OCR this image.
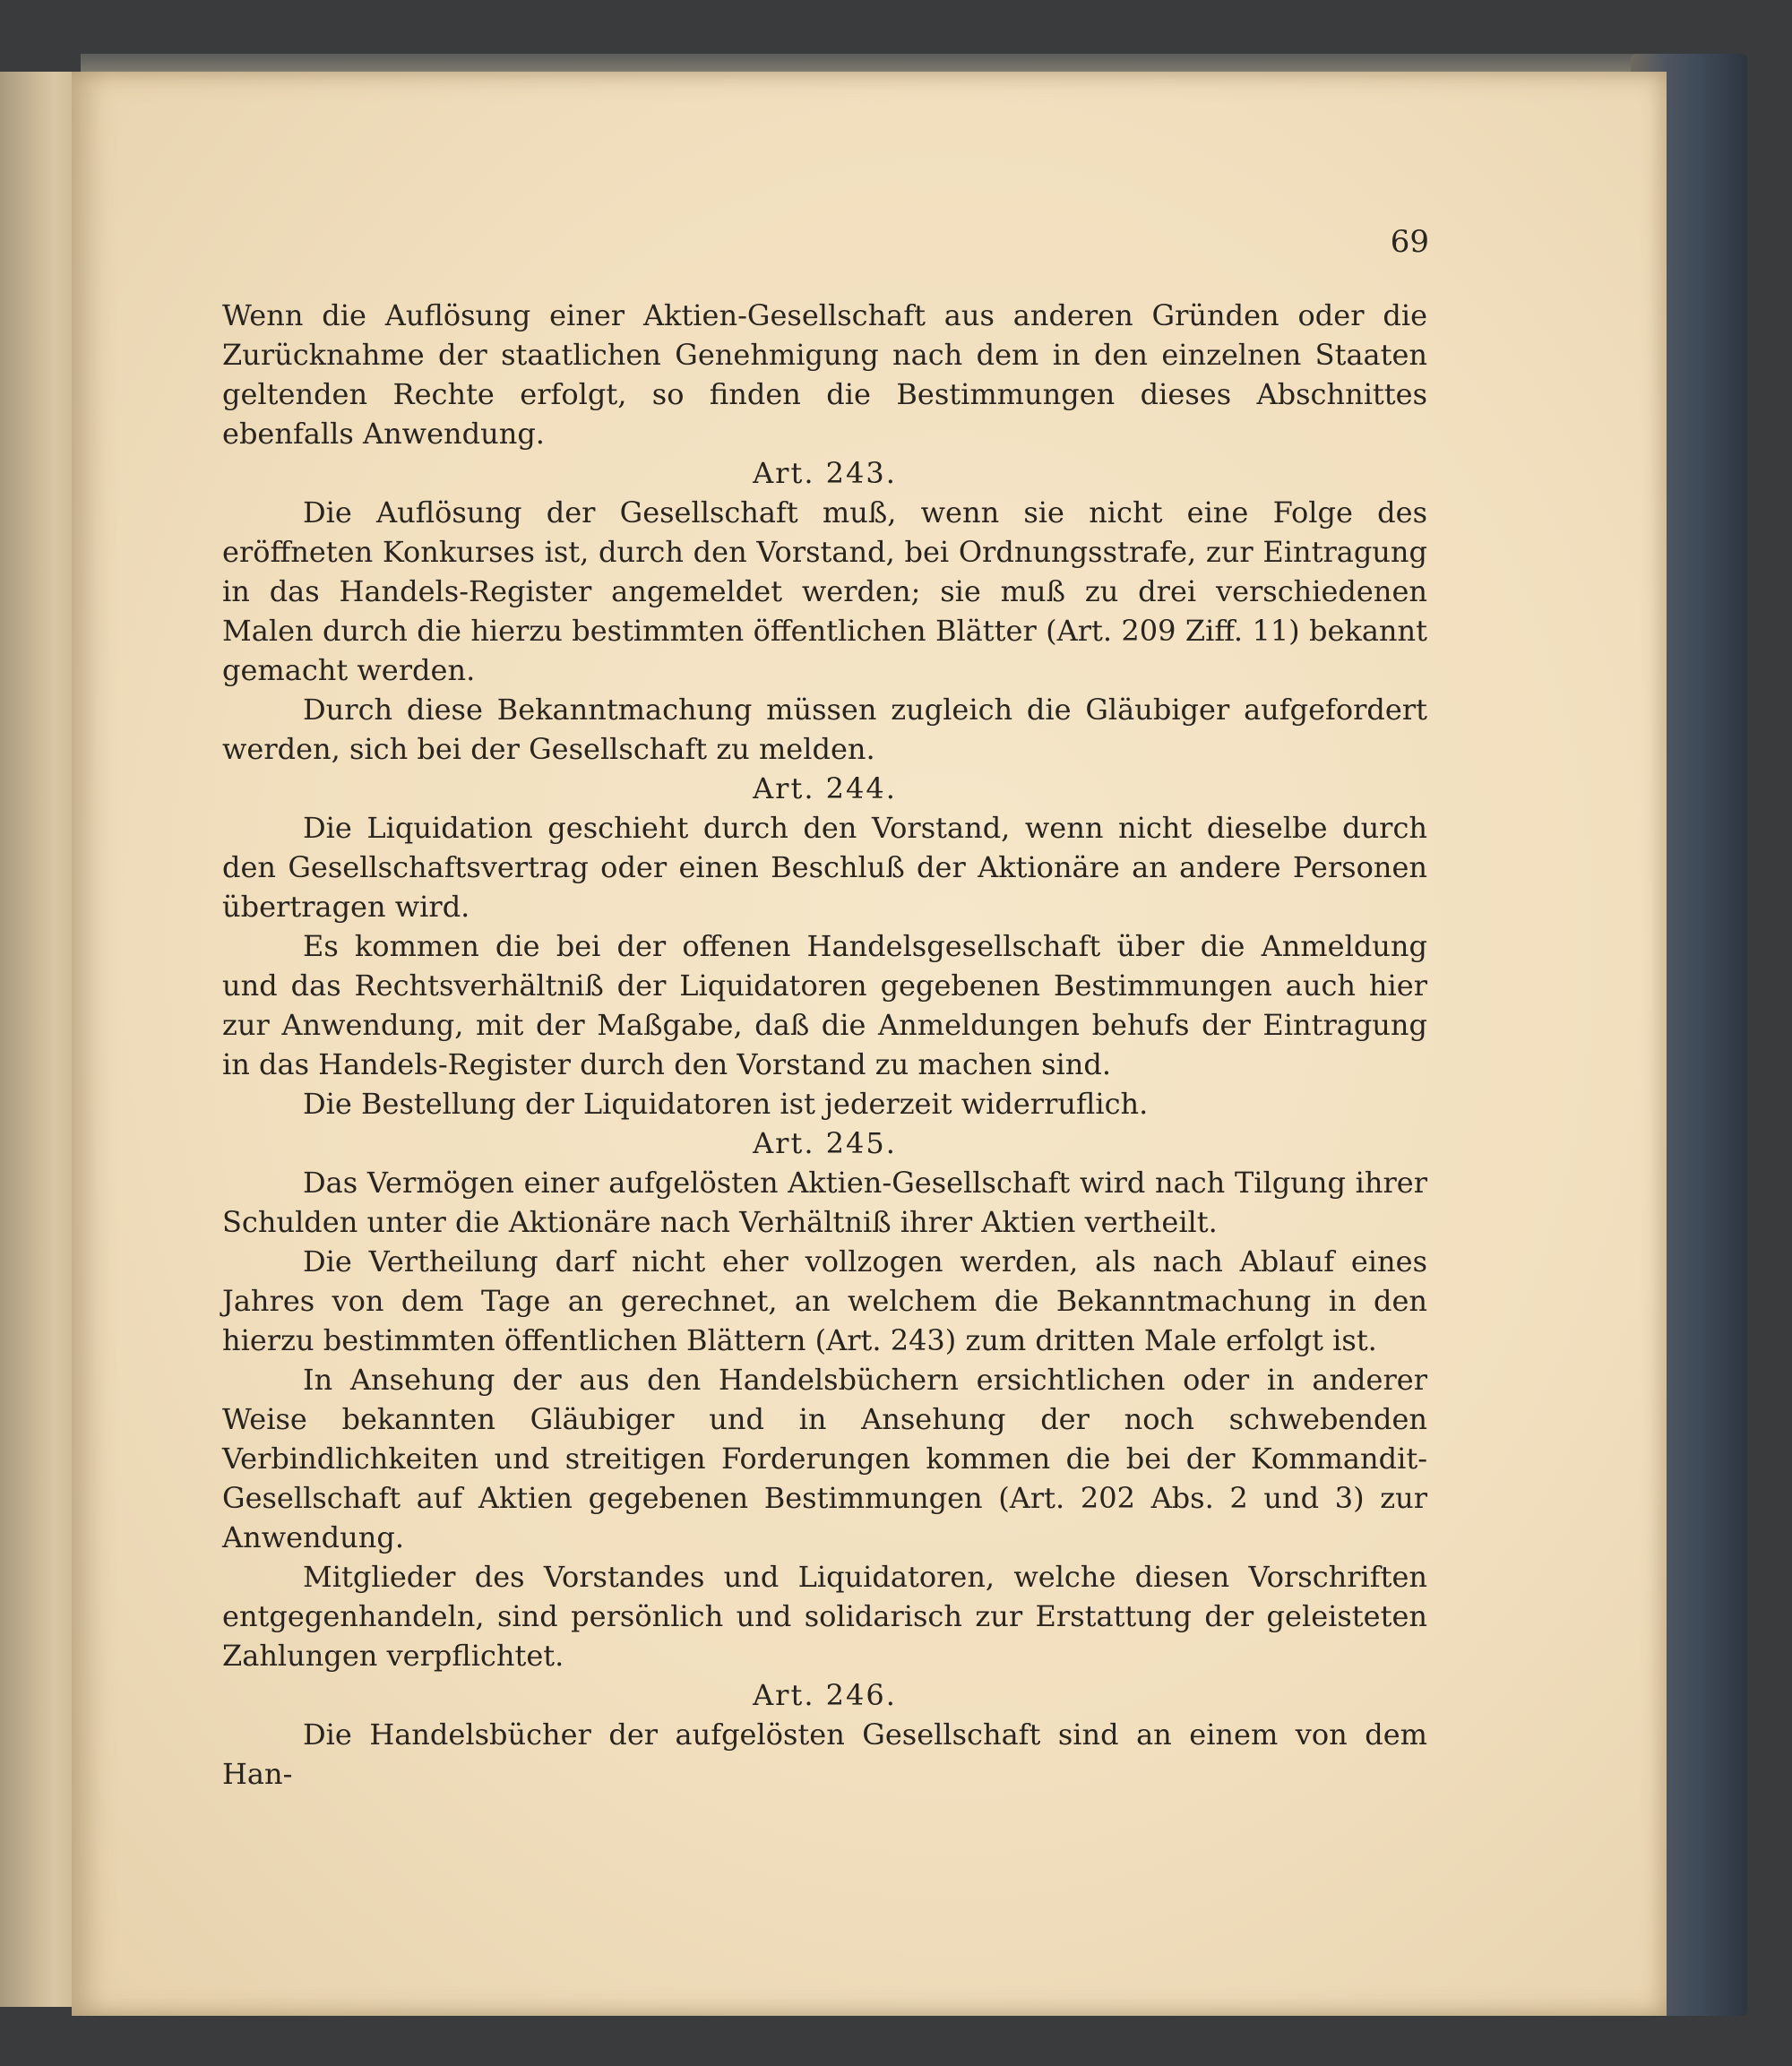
69

Wenn die Auflösung einer Aktien-Gesellschaft aus anderen Gründen oder die Zurücknahme der staatlichen Genehmigung nach dem in den einzelnen Staaten geltenden Rechte erfolgt, so finden die Bestimmungen dieses Abschnittes ebenfalls Anwendung.

Art. 243.

Die Auflösung der Gesellschaft muß, wenn sie nicht eine Folge des eröffneten Konkurses ist, durch den Vorstand, bei Ordnungsstrafe, zur Eintragung in das Handels-Register angemeldet werden; sie muß zu drei verschiedenen Malen durch die hierzu bestimmten öffentlichen Blätter (Art. 209 Ziff. 11) bekannt gemacht werden.

Durch diese Bekanntmachung müssen zugleich die Gläubiger aufgefordert werden, sich bei der Gesellschaft zu melden.

Art. 244.

Die Liquidation geschieht durch den Vorstand, wenn nicht dieselbe durch den Gesellschaftsvertrag oder einen Beschluß der Aktionäre an andere Personen übertragen wird.

Es kommen die bei der offenen Handelsgesellschaft über die Anmeldung und das Rechtsverhältniß der Liquidatoren gegebenen Bestimmungen auch hier zur Anwendung, mit der Maßgabe, daß die Anmeldungen behufs der Eintragung in das Handels-Register durch den Vorstand zu machen sind.

Die Bestellung der Liquidatoren ist jederzeit widerruflich.

Art. 245.

Das Vermögen einer aufgelösten Aktien-Gesellschaft wird nach Tilgung ihrer Schulden unter die Aktionäre nach Verhältniß ihrer Aktien vertheilt.

Die Vertheilung darf nicht eher vollzogen werden, als nach Ablauf eines Jahres von dem Tage an gerechnet, an welchem die Bekanntmachung in den hierzu bestimmten öffentlichen Blättern (Art. 243) zum dritten Male erfolgt ist.

In Ansehung der aus den Handelsbüchern ersichtlichen oder in anderer Weise bekannten Gläubiger und in Ansehung der noch schwebenden Verbindlichkeiten und streitigen Forderungen kommen die bei der Kommandit-Gesellschaft auf Aktien gegebenen Bestimmungen (Art. 202 Abs. 2 und 3) zur Anwendung.

Mitglieder des Vorstandes und Liquidatoren, welche diesen Vorschriften entgegenhandeln, sind persönlich und solidarisch zur Erstattung der geleisteten Zahlungen verpflichtet.

Art. 246.

Die Handelsbücher der aufgelösten Gesellschaft sind an einem von dem Han-
